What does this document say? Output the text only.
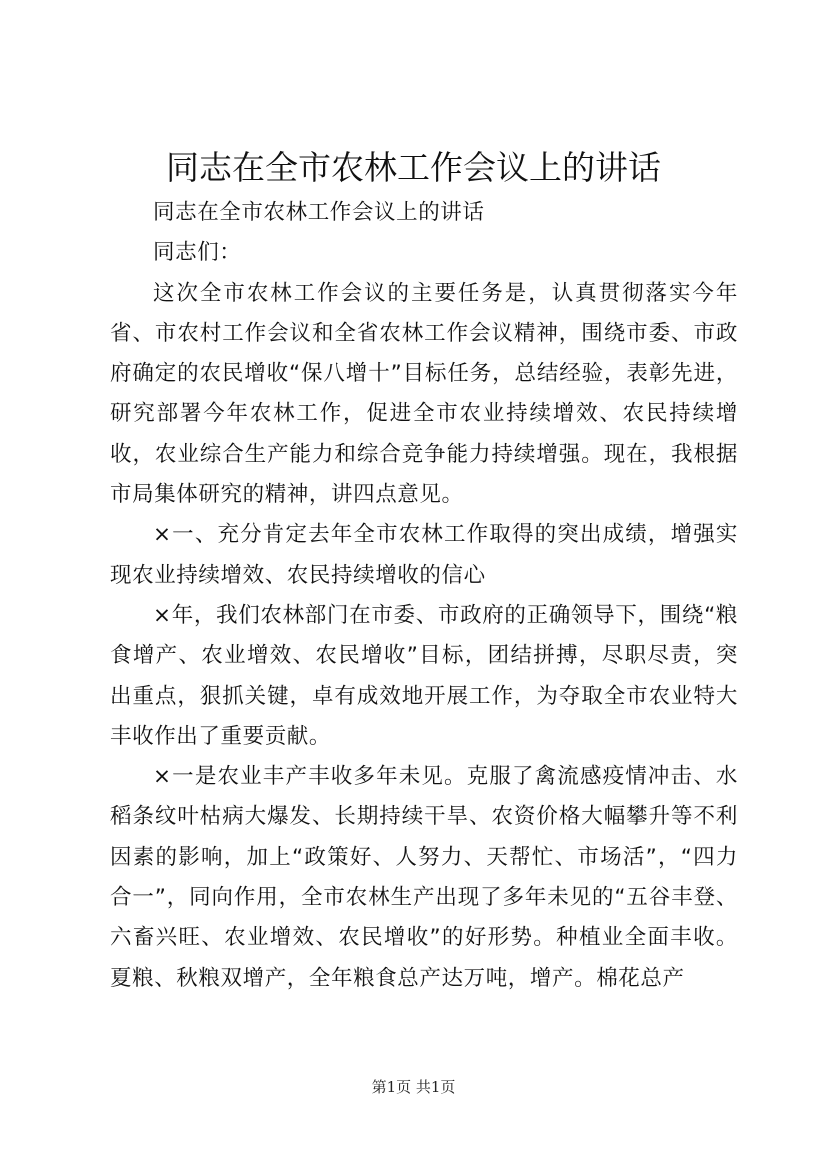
同志在全市农林工作会议上的讲话

同志在全市农林工作会议上的讲话

同志们：

这次全市农林工作会议的主要任务是，认真贯彻落实今年省、市农村工作会议和全省农林工作会议精神，围绕市委、市政府确定的农民增收“保八增十”目标任务，总结经验，表彰先进，研究部署今年农林工作，促进全市农业持续增效、农民持续增收，农业综合生产能力和综合竞争能力持续增强。现在，我根据市局集体研究的精神，讲四点意见。

×一、充分肯定去年全市农林工作取得的突出成绩，增强实现农业持续增效、农民持续增收的信心

×年，我们农林部门在市委、市政府的正确领导下，围绕“粮食增产、农业增效、农民增收”目标，团结拼搏，尽职尽责，突出重点，狠抓关键，卓有成效地开展工作，为夺取全市农业特大丰收作出了重要贡献。

×一是农业丰产丰收多年未见。克服了禽流感疫情冲击、水稻条纹叶枯病大爆发、长期持续干旱、农资价格大幅攀升等不利因素的影响，加上“政策好、人努力、天帮忙、市场活”，“四力合一”，同向作用，全市农林生产出现了多年未见的“五谷丰登、六畜兴旺、农业增效、农民增收”的好形势。种植业全面丰收。夏粮、秋粮双增产，全年粮食总产达万吨，增产。棉花总产

第1页 共1页
